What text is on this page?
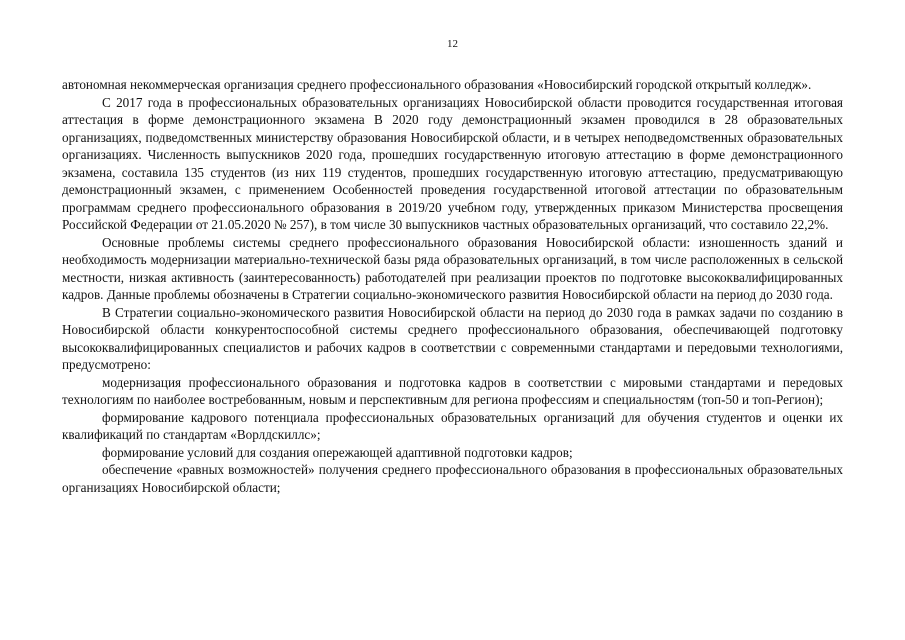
12

автономная некоммерческая организация среднего профессионального образования «Новосибирский городской открытый колледж».

С 2017 года в профессиональных образовательных организациях Новосибирской области проводится государственная итоговая аттестация в форме демонстрационного экзамена В 2020 году демонстрационный экзамен проводился в 28 образовательных организациях, подведомственных министерству образования Новосибирской области, и в четырех неподведомственных образовательных организациях. Численность выпускников 2020 года, прошедших государственную итоговую аттестацию в форме демонстрационного экзамена, составила 135 студентов (из них 119 студентов, прошедших государственную итоговую аттестацию, предусматривающую демонстрационный экзамен, с применением Особенностей проведения государственной итоговой аттестации по образовательным программам среднего профессионального образования в 2019/20 учебном году, утвержденных приказом Министерства просвещения Российской Федерации от 21.05.2020 № 257), в том числе 30 выпускников частных образовательных организаций, что составило 22,2%.

Основные проблемы системы среднего профессионального образования Новосибирской области: изношенность зданий и необходимость модернизации материально-технической базы ряда образовательных организаций, в том числе расположенных в сельской местности, низкая активность (заинтересованность) работодателей при реализации проектов по подготовке высококвалифицированных кадров. Данные проблемы обозначены в Стратегии социально-экономического развития Новосибирской области на период до 2030 года.

В Стратегии социально-экономического развития Новосибирской области на период до 2030 года в рамках задачи по созданию в Новосибирской области конкурентоспособной системы среднего профессионального образования, обеспечивающей подготовку высококвалифицированных специалистов и рабочих кадров в соответствии с современными стандартами и передовыми технологиями, предусмотрено:

модернизация профессионального образования и подготовка кадров в соответствии с мировыми стандартами и передовых технологиям по наиболее востребованным, новым и перспективным для региона профессиям и специальностям (топ-50 и топ-Регион);

формирование кадрового потенциала профессиональных образовательных организаций для обучения студентов и оценки их квалификаций по стандартам «Ворлдскиллс»;

формирование условий для создания опережающей адаптивной подготовки кадров;

обеспечение «равных возможностей» получения среднего профессионального образования в профессиональных образовательных организациях Новосибирской области;
